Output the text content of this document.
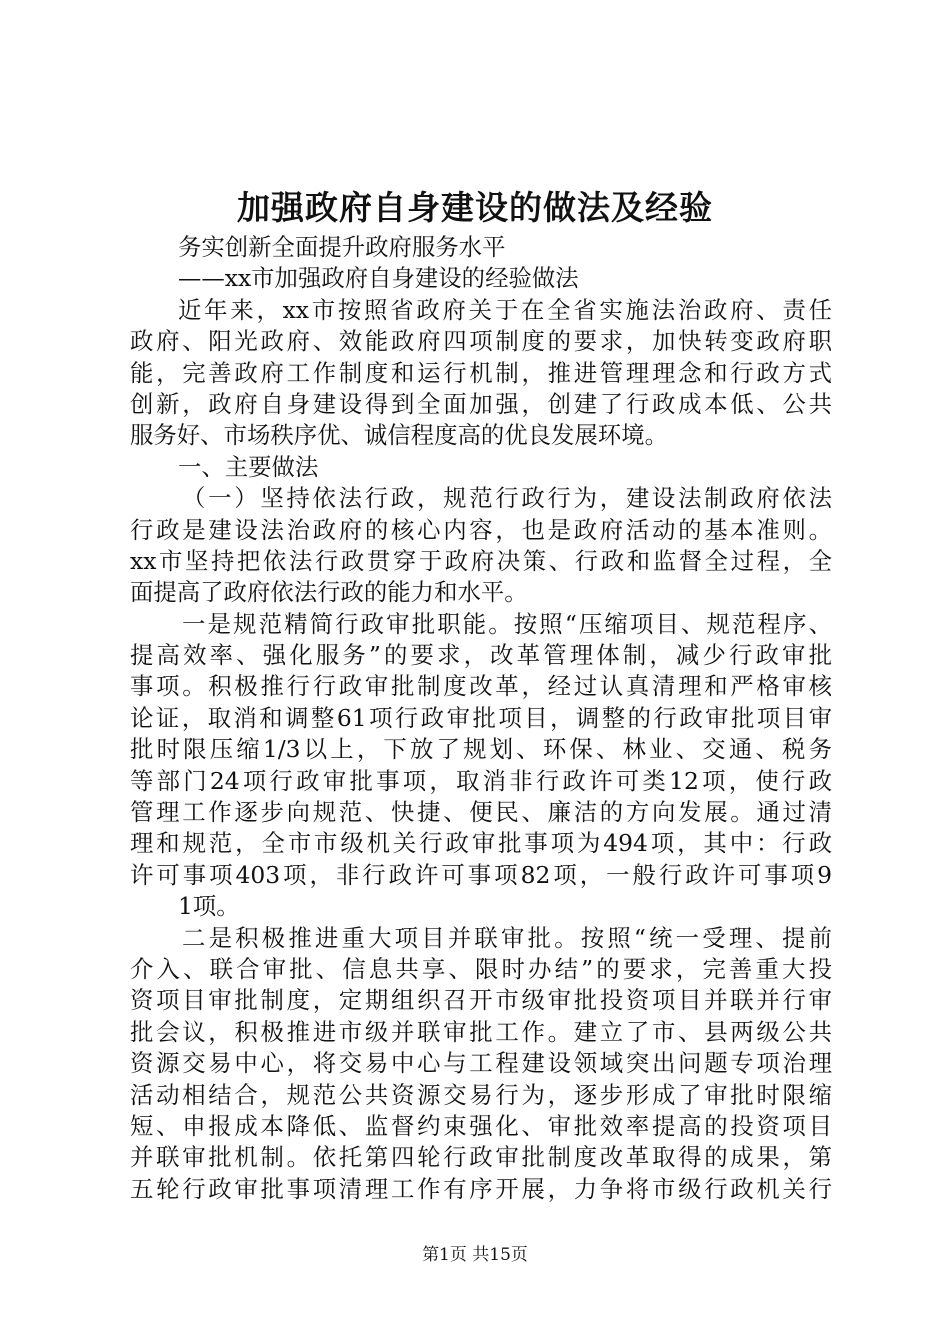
加强政府自身建设的做法及经验
务实创新全面提升政府服务水平
——xx市加强政府自身建设的经验做法
近年来，xx市按照省政府关于在全省实施法治政府、责任
政府、阳光政府、效能政府四项制度的要求，加快转变政府职
能，完善政府工作制度和运行机制，推进管理理念和行政方式
创新，政府自身建设得到全面加强，创建了行政成本低、公共
服务好、市场秩序优、诚信程度高的优良发展环境。
一、主要做法
（一）坚持依法行政，规范行政行为，建设法制政府依法
行政是建设法治政府的核心内容，也是政府活动的基本准则。
xx市坚持把依法行政贯穿于政府决策、行政和监督全过程，全
面提高了政府依法行政的能力和水平。
一是规范精简行政审批职能。按照“压缩项目、规范程序、
提高效率、强化服务”的要求，改革管理体制，减少行政审批
事项。积极推行行政审批制度改革，经过认真清理和严格审核
论证，取消和调整61项行政审批项目，调整的行政审批项目审
批时限压缩1/3以上，下放了规划、环保、林业、交通、税务
等部门24项行政审批事项，取消非行政许可类12项，使行政
管理工作逐步向规范、快捷、便民、廉洁的方向发展。通过清
理和规范，全市市级机关行政审批事项为494项，其中：行政
许可事项403项，非行政许可事项82项，一般行政许可事项9
1项。
二是积极推进重大项目并联审批。按照“统一受理、提前
介入、联合审批、信息共享、限时办结”的要求，完善重大投
资项目审批制度，定期组织召开市级审批投资项目并联并行审
批会议，积极推进市级并联审批工作。建立了市、县两级公共
资源交易中心，将交易中心与工程建设领域突出问题专项治理
活动相结合，规范公共资源交易行为，逐步形成了审批时限缩
短、申报成本降低、监督约束强化、审批效率提高的投资项目
并联审批机制。依托第四轮行政审批制度改革取得的成果，第
五轮行政审批事项清理工作有序开展，力争将市级行政机关行
第1页 共15页
